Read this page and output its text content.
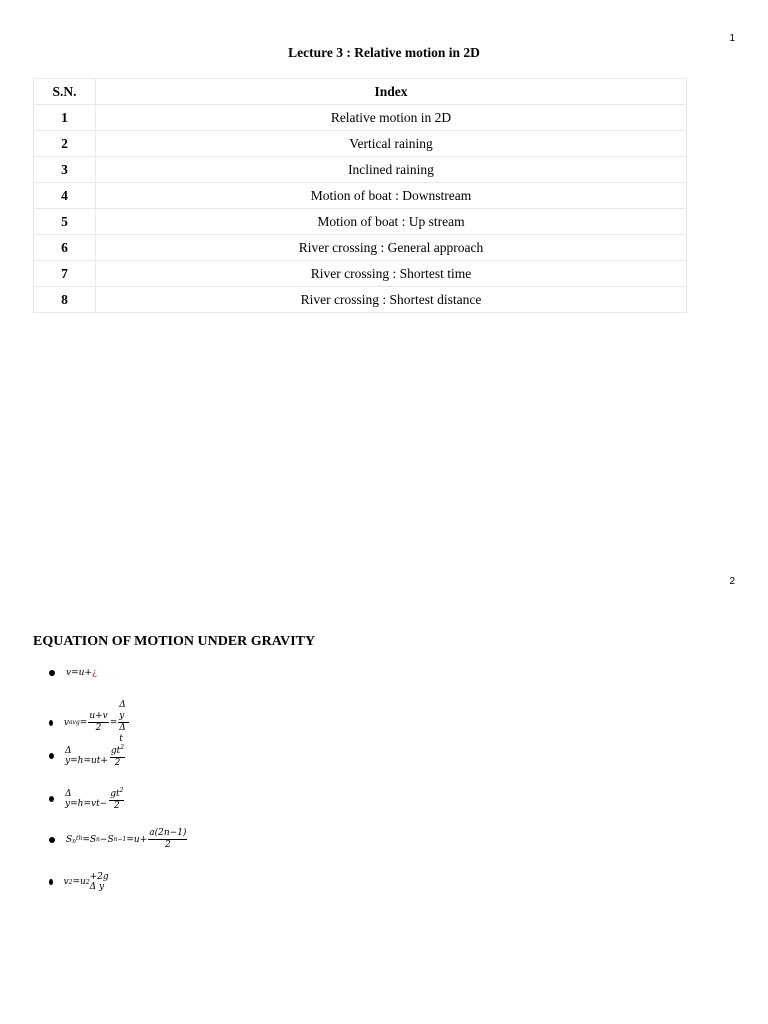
1
Lecture 3 : Relative motion in 2D
S.N.	Index
1	Relative motion in 2D
2	Vertical raining
3	Inclined raining
4	Motion of boat : Downstream
5	Motion of boat : Up stream
6	River crossing : General approach
7	River crossing : Shortest time
8	River crossing : Shortest distance
2
EQUATION OF MOTION UNDER GRAVITY
v=u+ ¿
v avg = $\frac{u+v}{2} = \frac{\text{Δ y}}{\text{Δ t}}$
Δ $y=h=ut+ \frac{gt^2}{2}$
Δ $y=h=vt- \frac{gt^2}{2}$
S $n^{th} =S$ n −S $n-1 =u+ \frac{a(2n-1)}{2}$
v 2 =u 2 +2g Δ y
